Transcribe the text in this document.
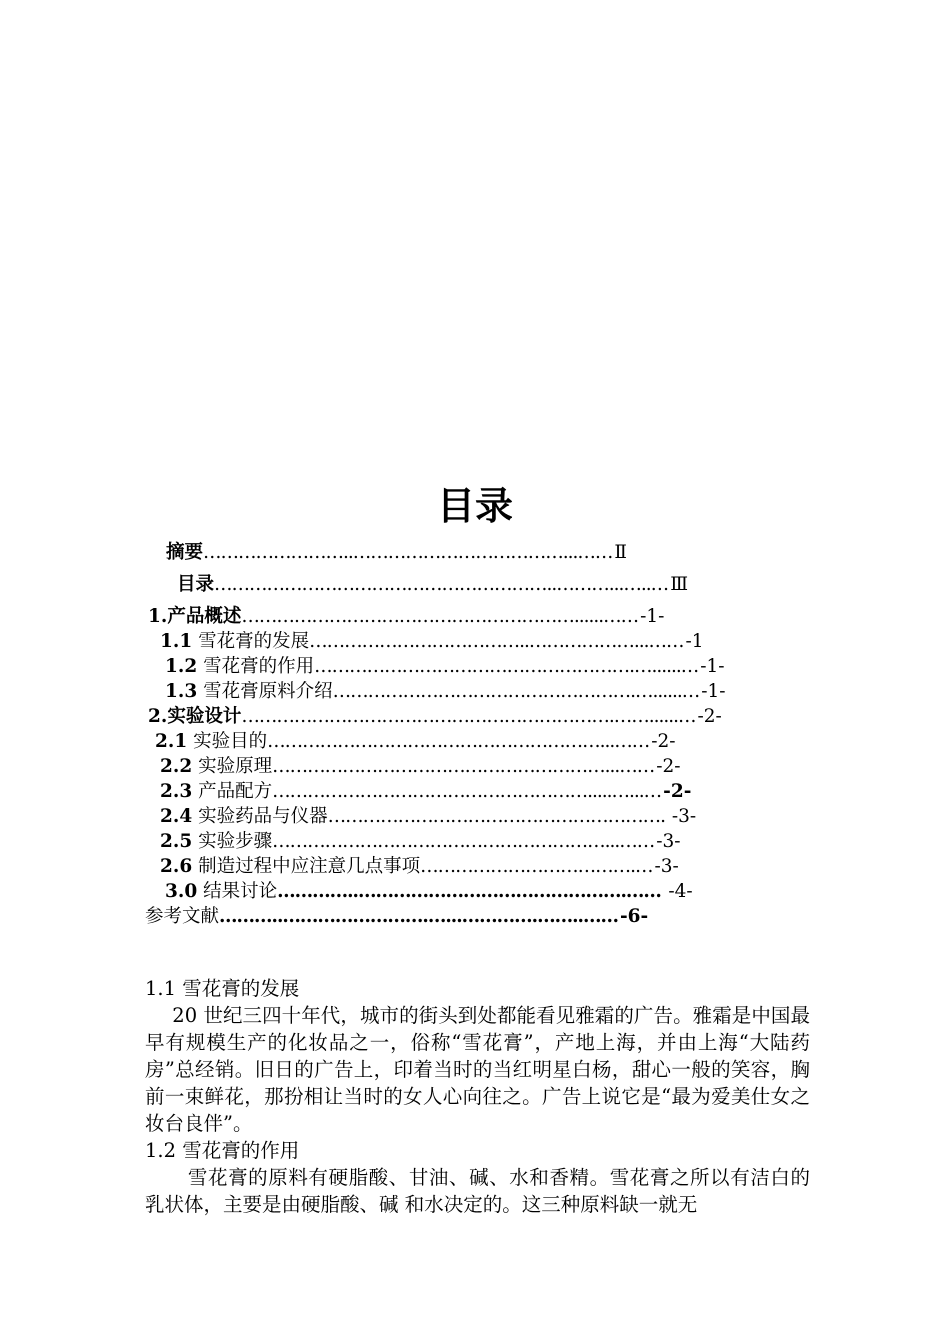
目录
摘要……………………..………………………………...…… Ⅱ
目录…………………………………………………..………...…..… Ⅲ
1.产品概述…………………………………………………......…… -1-
1.1 雪花膏的发展………………………………..………………...…… -1
1.2 雪花膏的作用……………………………………………….…......… -1-
1.3 雪花膏原料介绍…………………………………………….…......… -1-
2.实验设计……………………………………………………….……......… -2-
2.1 实验目的…………………………………………………...…… -2-
2.2 实验原理…………………………………………………...…… -2-
2.3 产品配方……………………………………………….....…...… -2-
2.4 实验药品与仪器…………………………………………………. -3-
2.5 实验步骤…………………………………………………...…… -3-
2.6 制造过程中应注意几点事项……………………………….… -3-
3.0 结果讨论…………..……………………………………….…… -4-
参考文献………..…………………….…...………….……..…… -6-
1.1 雪花膏的发展

20 世纪三四十年代，城市的街头到处都能看见雅霜的广告。雅霜是中国最早有规模生产的化妆品之一，俗称“雪花膏”，产地上海，并由上海“大陆药房”总经销。旧日的广告上，印着当时的当红明星白杨，甜心一般的笑容，胸前一束鲜花，那扮相让当时的女人心向往之。广告上说它是“最为爱美仕女之妆台良伴”。

1.2 雪花膏的作用

雪花膏的原料有硬脂酸、甘油、碱、水和香精。雪花膏之所以有洁白的乳状体，主要是由硬脂酸、碱 和水决定的。这三种原料缺一就无
